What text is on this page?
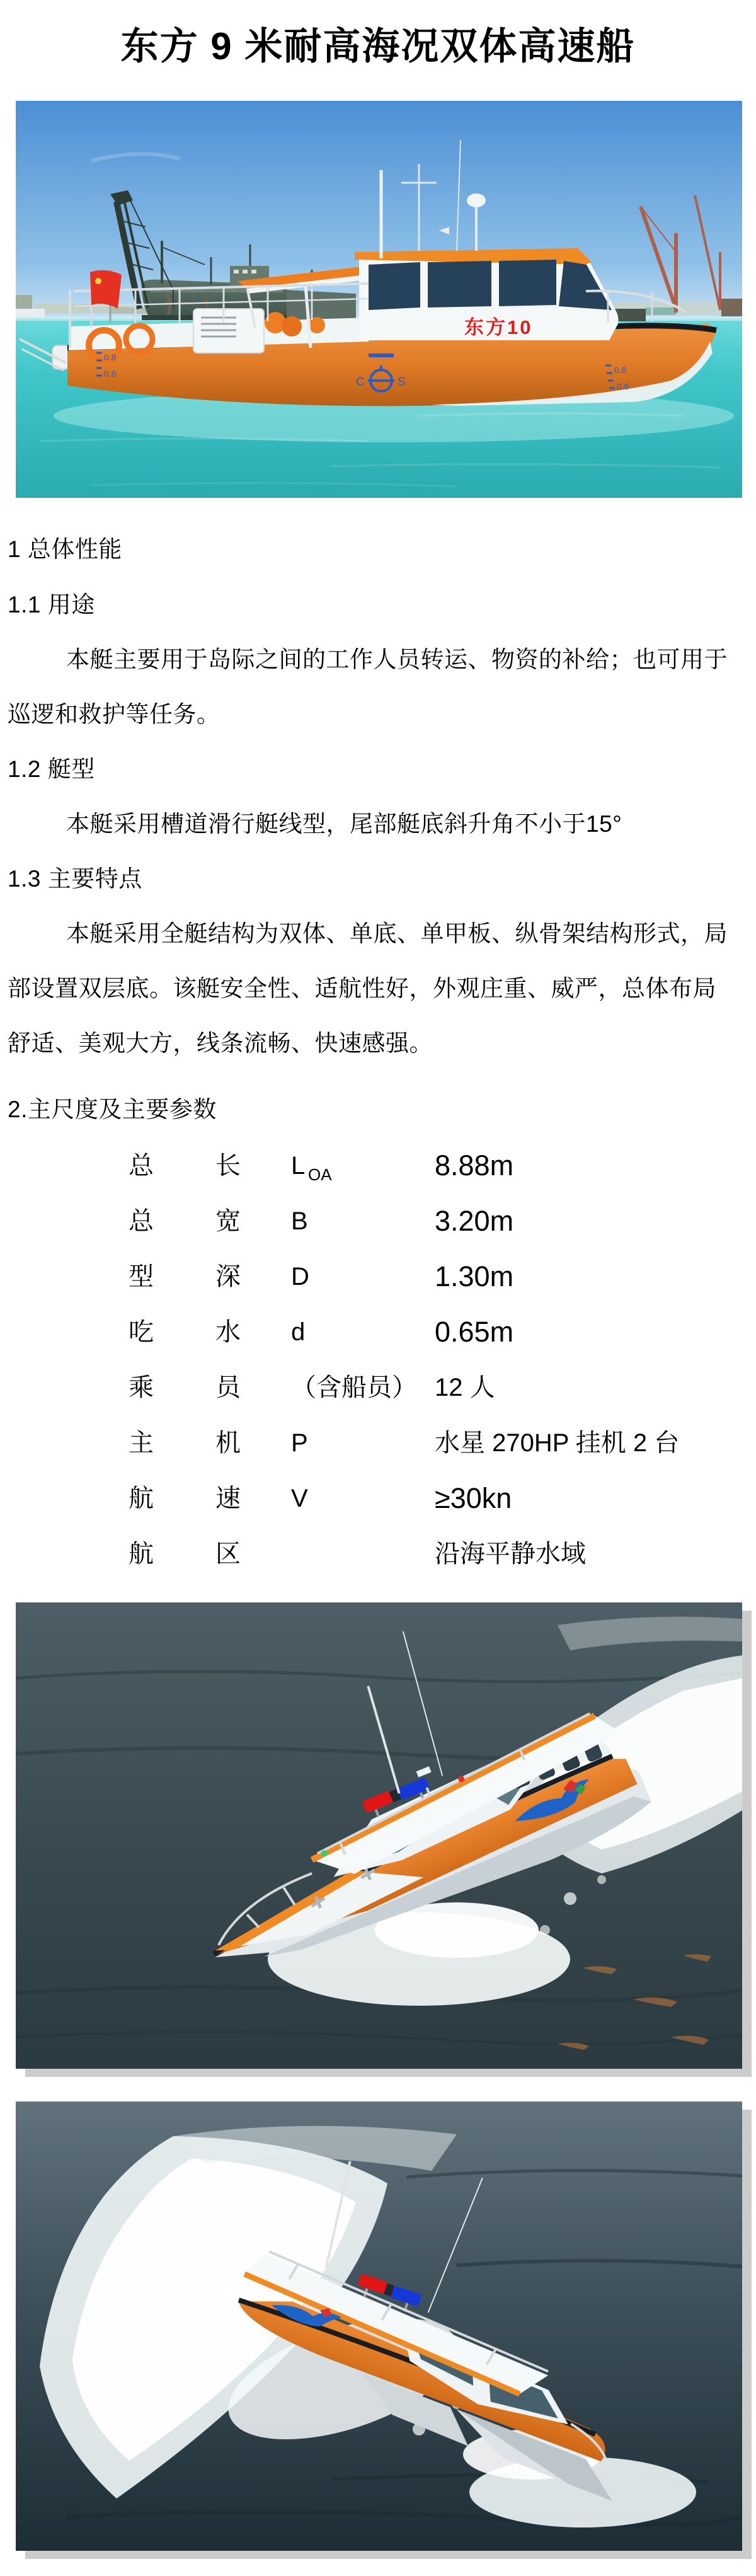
东方 9 米耐高海况双体高速船
东方10
0.8
0.6	0.8
0.6
C	S
1 总体性能
1.1 用途
本艇主要用于岛际之间的工作人员转运、物资的补给；也可用于
巡逻和救护等任务。
1.2 艇型
本艇采用槽道滑行艇线型，尾部艇底斜升角不小于15°
1.3 主要特点
本艇采用全艇结构为双体、单底、单甲板、纵骨架结构形式，局
部设置双层底。该艇安全性、适航性好，外观庄重、威严，总体布局
舒适、美观大方，线条流畅、快速感强。
2.主尺度及主要参数
总 长 L OA	8.88m
总 宽 B	3.20m
型 深 D	1.30m
吃 水 d	0.65m
乘 员 （含船员） 12 人
主 机 P	水星 270HP 挂机 2 台
航 速 V	≥30kn
航 区	沿海平静水域
